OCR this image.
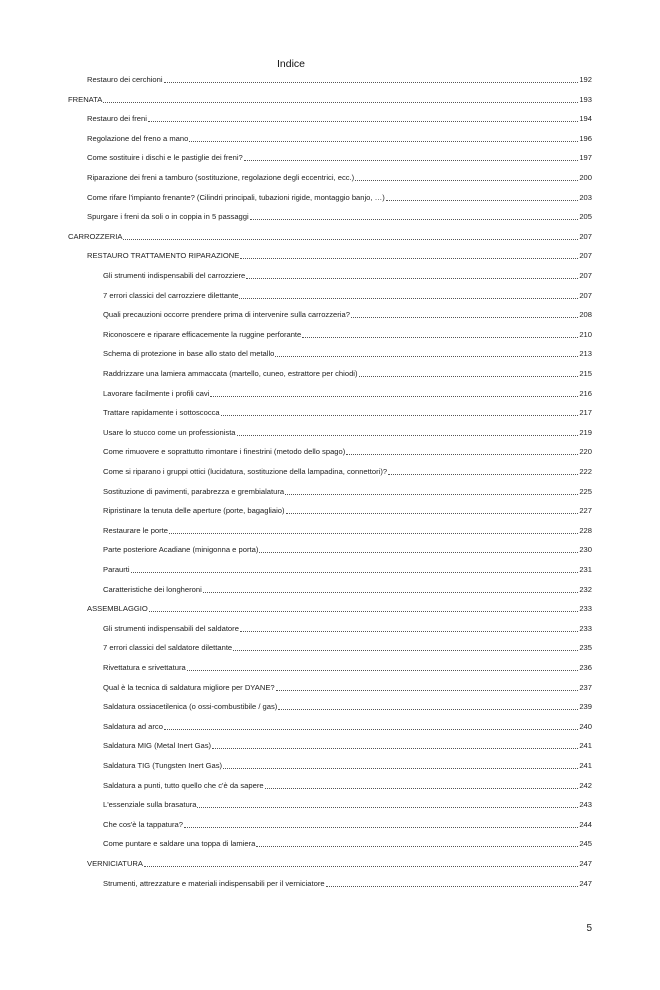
Indice
Restauro dei cerchioni	192
FRENATA	193
Restauro dei freni	194
Regolazione del freno a mano	196
Come sostituire i dischi e le pastiglie dei freni?	197
Riparazione dei freni a tamburo (sostituzione, regolazione degli eccentrici, ecc.)	200
Come rifare l'impianto frenante? (Cilindri principali, tubazioni rigide, montaggio banjo, …)	203
Spurgare i freni da soli o in coppia in 5 passaggi	205
CARROZZERIA	207
RESTAURO TRATTAMENTO RIPARAZIONE	207
Gli strumenti indispensabili del carrozziere	207
7 errori classici del carrozziere dilettante	207
Quali precauzioni occorre prendere prima di intervenire sulla carrozzeria?	208
Riconoscere e riparare efficacemente la ruggine perforante	210
Schema di protezione in base allo stato del metallo	213
Raddrizzare una lamiera ammaccata (martello, cuneo, estrattore per chiodi)	215
Lavorare facilmente i profili cavi	216
Trattare rapidamente i sottoscocca	217
Usare lo stucco come un professionista	219
Come rimuovere e soprattutto rimontare i finestrini (metodo dello spago)	220
Come si riparano i gruppi ottici (lucidatura, sostituzione della lampadina, connettori)?	222
Sostituzione di pavimenti, parabrezza e grembialatura	225
Ripristinare la tenuta delle aperture (porte, bagagliaio)	227
Restaurare le porte	228
Parte posteriore Acadiane (minigonna e porta)	230
Paraurti	231
Caratteristiche dei longheroni	232
ASSEMBLAGGIO	233
Gli strumenti indispensabili del saldatore	233
7 errori classici del saldatore dilettante	235
Rivettatura e srivettatura	236
Qual è la tecnica di saldatura migliore per DYANE?	237
Saldatura ossiacetilenica (o ossi-combustibile / gas)	239
Saldatura ad arco	240
Saldatura MIG (Metal Inert Gas)	241
Saldatura TIG (Tungsten Inert Gas)	241
Saldatura a punti, tutto quello che c'è da sapere	242
L'essenziale sulla brasatura	243
Che cos'è la tappatura?	244
Come puntare e saldare una toppa di lamiera	245
VERNICIATURA	247
Strumenti, attrezzature e materiali indispensabili per il verniciatore	247
5
